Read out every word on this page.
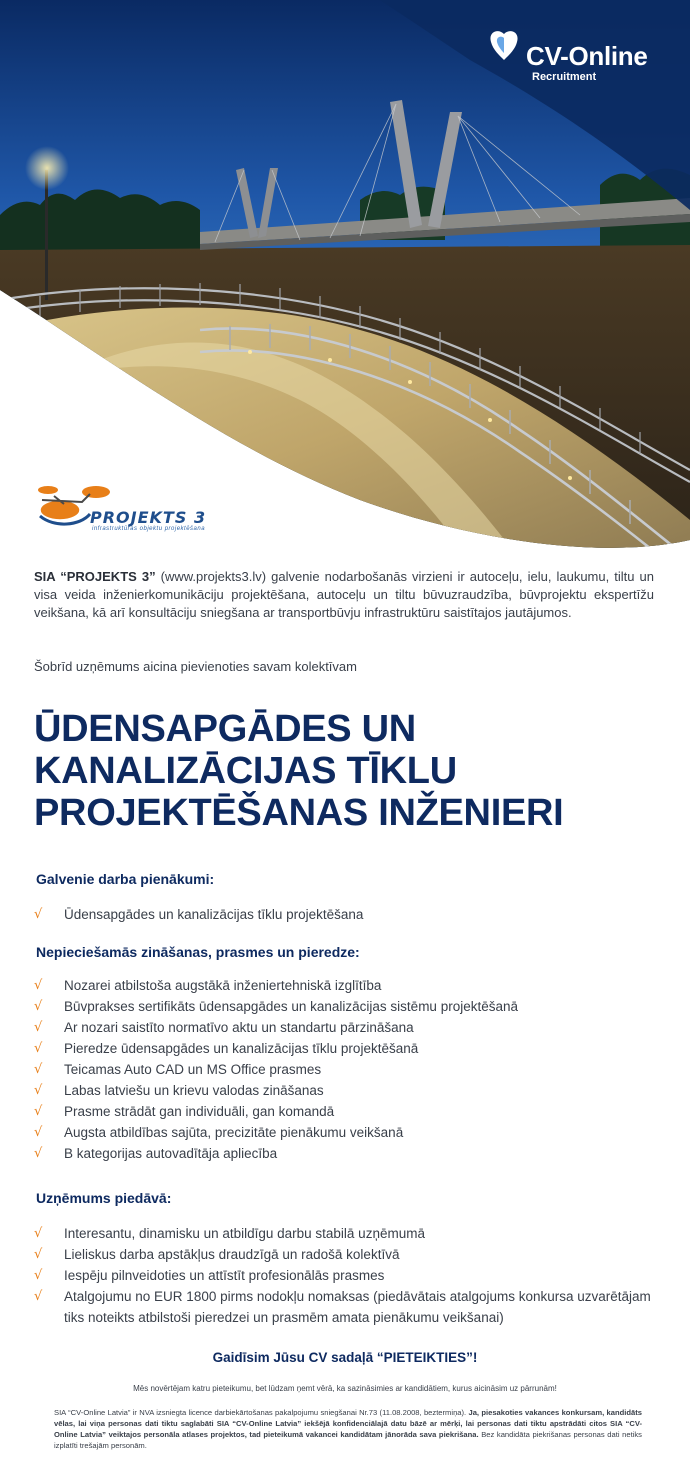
CV-Online
Recruitment
PROJEKTS 3
infrastruktūras objektu projektēšana

SIA “PROJEKTS 3” (www.projekts3.lv) galvenie nodarbošanās virzieni ir autoceļu, ielu, laukumu, tiltu un visa veida inženierkomunikāciju projektēšana, autoceļu un tiltu būvuzraudzība, būvprojektu ekspertīžu veikšana, kā arī konsultāciju sniegšana ar transportbūvju infrastruktūru saistītajos jautājumos.

Šobrīd uzņēmums aicina pievienoties savam kolektīvam

ŪDENSAPGĀDES UN
KANALIZĀCIJAS TĪKLU
PROJEKTĒŠANAS INŽENIERI
Galvenie darba pienākumi:
√ Ūdensapgādes un kanalizācijas tīklu projektēšana
Nepieciešamās zināšanas, prasmes un pieredze:
√ Nozarei atbilstoša augstākā inženiertehniskā izglītība
√ Būvprakses sertifikāts ūdensapgādes un kanalizācijas sistēmu projektēšanā
√ Ar nozari saistīto normatīvo aktu un standartu pārzināšana
√ Pieredze ūdensapgādes un kanalizācijas tīklu projektēšanā
√ Teicamas Auto CAD un MS Office prasmes
√ Labas latviešu un krievu valodas zināšanas
√ Prasme strādāt gan individuāli, gan komandā
√ Augsta atbildības sajūta, precizitāte pienākumu veikšanā
√ B kategorijas autovadītāja apliecība
Uzņēmums piedāvā:
√ Interesantu, dinamisku un atbildīgu darbu stabilā uzņēmumā
√ Lieliskus darba apstākļus draudzīgā un radošā kolektīvā
√ Iespēju pilnveidoties un attīstīt profesionālās prasmes
√ Atalgojumu no EUR 1800 pirms nodokļu nomaksas (piedāvātais atalgojums konkursa uzvarētājam tiks noteikts atbilstoši pieredzei un prasmēm amata pienākumu veikšanai)

Gaidīsim Jūsu CV sadaļā “PIETEIKTIES”!

Mēs novērtējam katru pieteikumu, bet lūdzam ņemt vērā, ka sazināsimies ar kandidātiem, kurus aicināsim uz pārrunām!

SIA “CV-Online Latvia” ir NVA izsniegta licence darbiekārtošanas pakalpojumu sniegšanai Nr.73 (11.08.2008, beztermiņa). Ja, piesakoties vakances konkursam, kandidāts vēlas, lai viņa personas dati tiktu saglabāti SIA “CV-Online Latvia” iekšējā konfidenciālajā datu bāzē ar mērķi, lai personas dati tiktu apstrādāti citos SIA “CV-Online Latvia” veiktajos personāla atlases projektos, tad pieteikumā vakancei kandidātam jānorāda sava piekrišana. Bez kandidāta piekrišanas personas dati netiks izplatīti trešajām personām.
